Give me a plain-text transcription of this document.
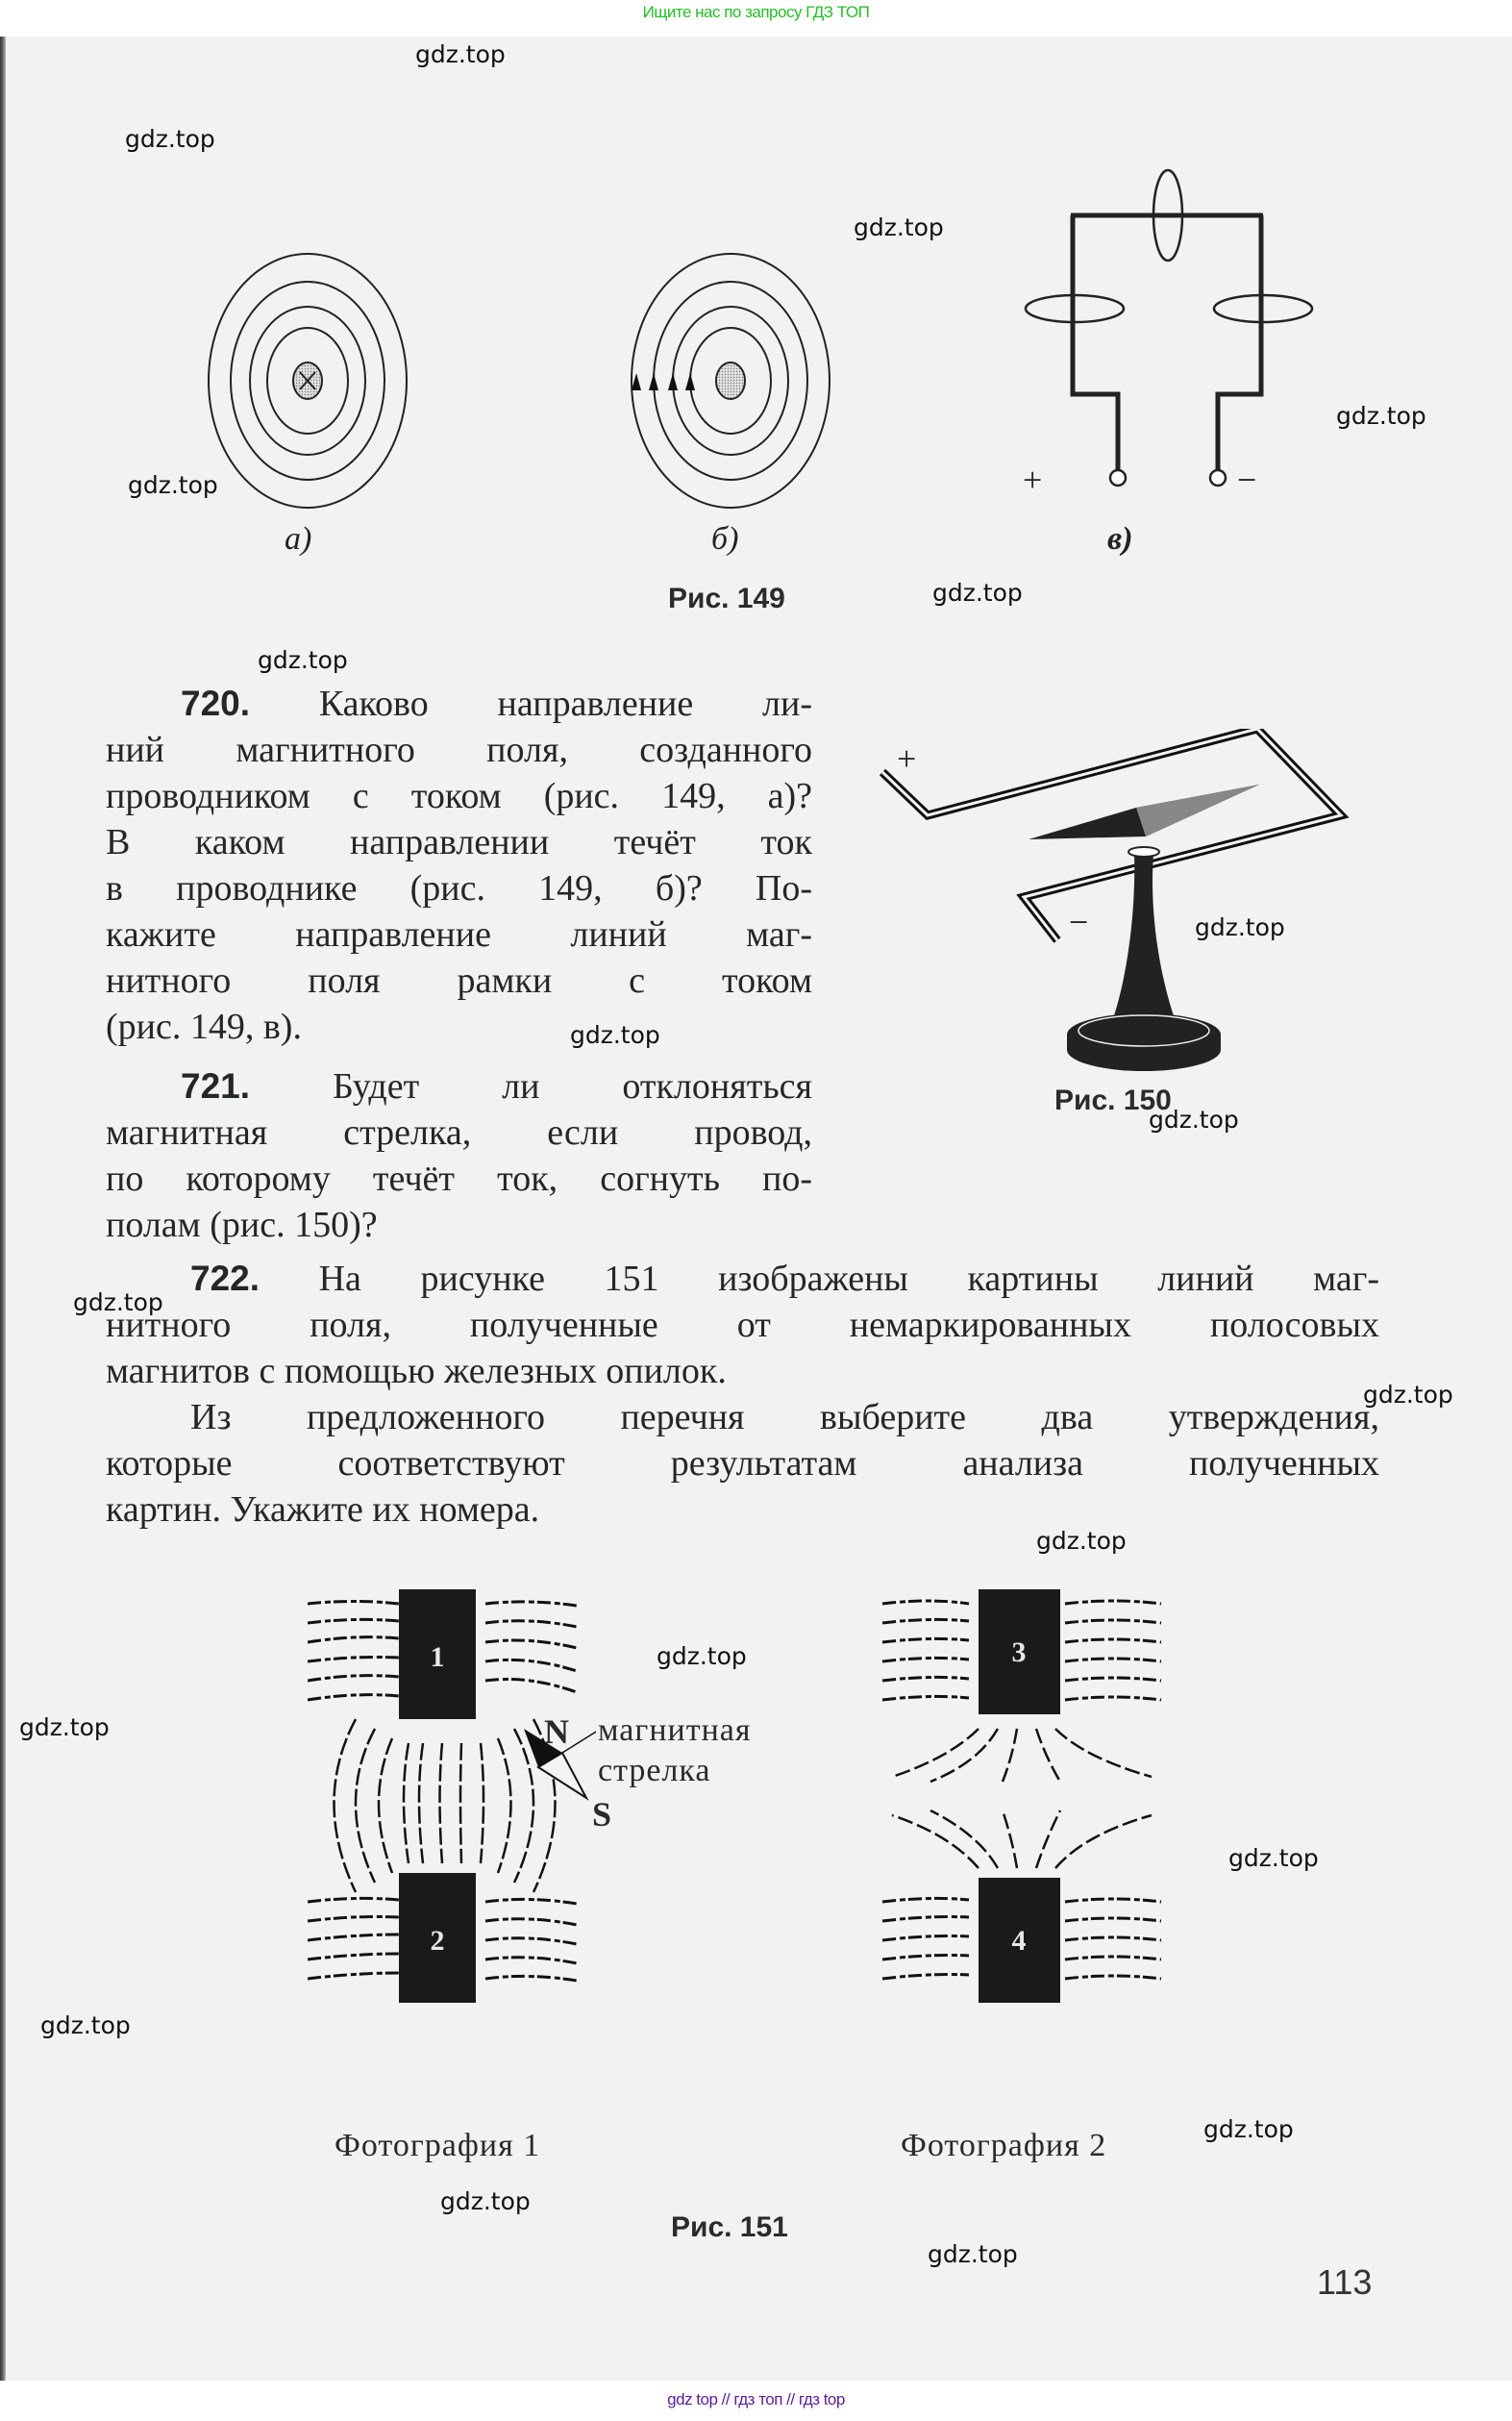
Ищите нас по запросу ГДЗ ТОП
а)	б)
+	−
в)
Рис. 149
720. Каково направление ли-
ний магнитного поля, созданного
проводником с током (рис. 149, а)?
В каком направлении течёт ток
в проводнике (рис. 149, б)? По-
кажите направление линий маг-
нитного поля рамки с током
(рис. 149, в).
+
−
Рис. 150
721. Будет ли отклоняться
магнитная стрелка, если провод,
по которому течёт ток, согнуть по-
полам (рис. 150)?
722. На рисунке 151 изображены картины линий маг-
нитного поля, полученные от немаркированных полосовых
магнитов с помощью железных опилок.
Из предложенного перечня выберите два утверждения,
которые соответствуют результатам анализа полученных
картин. Укажите их номера.
1
2
N
S
магнитная
стрелка
Фотография 1
3
4
Фотография 2
Рис. 151
113
gdz.top
gdz.top
gdz.top
gdz.top
gdz.top
gdz.top
gdz.top
gdz.top
gdz.top
gdz.top
gdz.top
gdz.top
gdz.top
gdz.top
gdz.top
gdz.top
gdz.top
gdz.top
gdz.top
gdz.top
gdz top // гдз топ // гдз top
